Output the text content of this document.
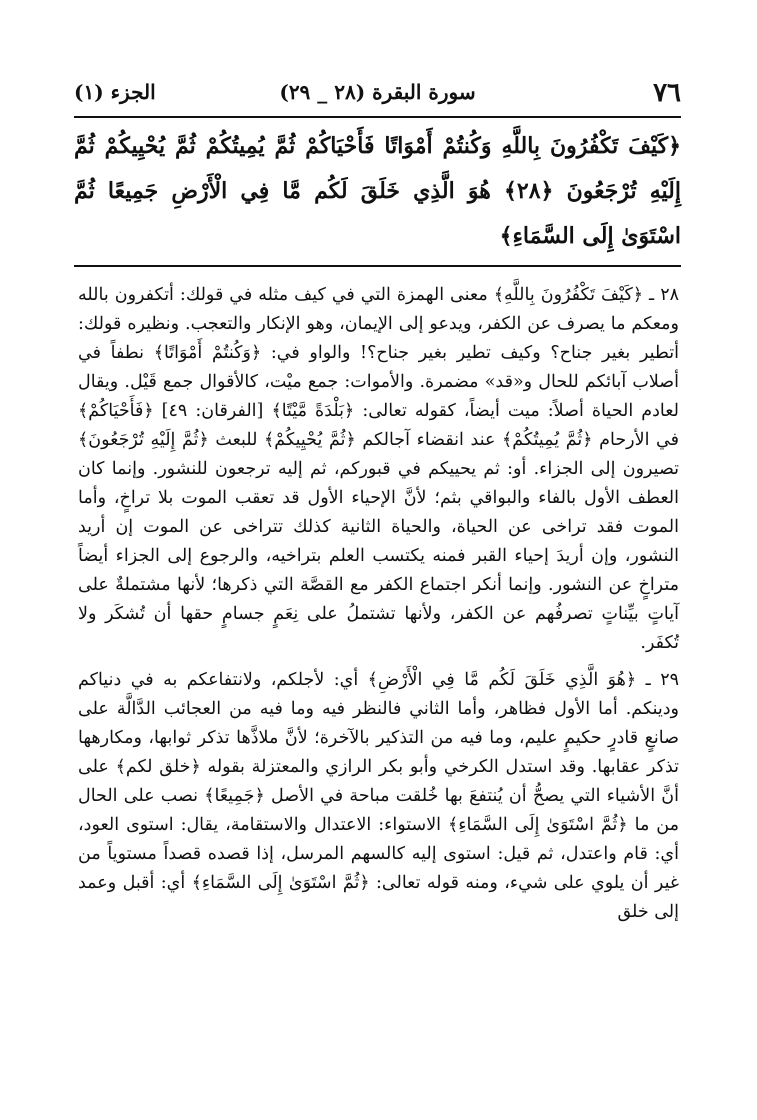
٧٦
سورة البقرة (٢٨ _ ٢٩)
الجزء (١)
﴿كَيْفَ تَكْفُرُونَ بِاللَّهِ وَكُنتُمْ أَمْوَاتًا فَأَحْيَاكُمْ ثُمَّ يُمِيتُكُمْ ثُمَّ يُحْيِيكُمْ ثُمَّ إِلَيْهِ تُرْجَعُونَ ﴿٢٨﴾ هُوَ الَّذِي خَلَقَ لَكُم مَّا فِي الْأَرْضِ جَمِيعًا ثُمَّ اسْتَوَىٰ إِلَى السَّمَاءِ﴾

٢٨ ـ ﴿كَيْفَ تَكْفُرُونَ بِاللَّهِ﴾ معنى الهمزة التي في كيف مثله في قولك: أتكفرون بالله ومعكم ما يصرف عن الكفر، ويدعو إلى الإيمان، وهو الإنكار والتعجب. ونظيره قولك: أتطير بغير جناح؟ وكيف تطير بغير جناح؟! والواو في: ﴿وَكُنتُمْ أَمْوَاتًا﴾ نطفاً في أصلاب آبائكم للحال و«قد» مضمرة. والأموات: جمع ميْت، كالأقوال جمع قَيْل. ويقال لعادم الحياة أصلاً: ميت أيضاً، كقوله تعالى: ﴿بَلْدَةً مَّيْتًا﴾ [الفرقان: ٤٩] ﴿فَأَحْيَاكُمْ﴾ في الأرحام ﴿ثُمَّ يُمِيتُكُمْ﴾ عند انقضاء آجالكم ﴿ثُمَّ يُحْيِيكُمْ﴾ للبعث ﴿ثُمَّ إِلَيْهِ تُرْجَعُونَ﴾ تصيرون إلى الجزاء. أو: ثم يحييكم في قبوركم، ثم إليه ترجعون للنشور. وإنما كان العطف الأول بالفاء والبواقي بثم؛ لأنَّ الإحياء الأول قد تعقب الموت بلا تراخٍ، وأما الموت فقد تراخى عن الحياة، والحياة الثانية كذلك تتراخى عن الموت إن أريد النشور، وإن أريدَ إحياء القبر فمنه يكتسب العلم بتراخيه، والرجوع إلى الجزاء أيضاً متراخٍ عن النشور. وإنما أنكر اجتماع الكفر مع القصَّة التي ذكرها؛ لأنها مشتملةٌ على آياتٍ بيِّناتٍ تصرفُهم عن الكفر، ولأنها تشتملُ على نِعَمٍ جسامٍ حقها أن تُشكَر ولا تُكفَر.

٢٩ ـ ﴿هُوَ الَّذِي خَلَقَ لَكُم مَّا فِي الْأَرْضِ﴾ أي: لأجلكم، ولانتفاعكم به في دنياكم ودينكم. أما الأول فظاهر، وأما الثاني فالنظر فيه وما فيه من العجائب الدَّالَّة على صانعٍ قادرٍ حكيمٍ عليم، وما فيه من التذكير بالآخرة؛ لأنَّ ملاذَّها تذكر ثوابها، ومكارهها تذكر عقابها. وقد استدل الكرخي وأبو بكر الرازي والمعتزلة بقوله ﴿خلق لكم﴾ على أنَّ الأشياء التي يصحُّ أن يُنتفعَ بها خُلقت مباحة في الأصل ﴿جَمِيعًا﴾ نصب على الحال من ما ﴿ثُمَّ اسْتَوَىٰ إِلَى السَّمَاءِ﴾ الاستواء: الاعتدال والاستقامة، يقال: استوى العود، أي: قام واعتدل، ثم قيل: استوى إليه كالسهم المرسل، إذا قصده قصداً مستوياً من غير أن يلوي على شيء، ومنه قوله تعالى: ﴿ثُمَّ اسْتَوَىٰ إِلَى السَّمَاءِ﴾ أي: أقبل وعمد إلى خلق
